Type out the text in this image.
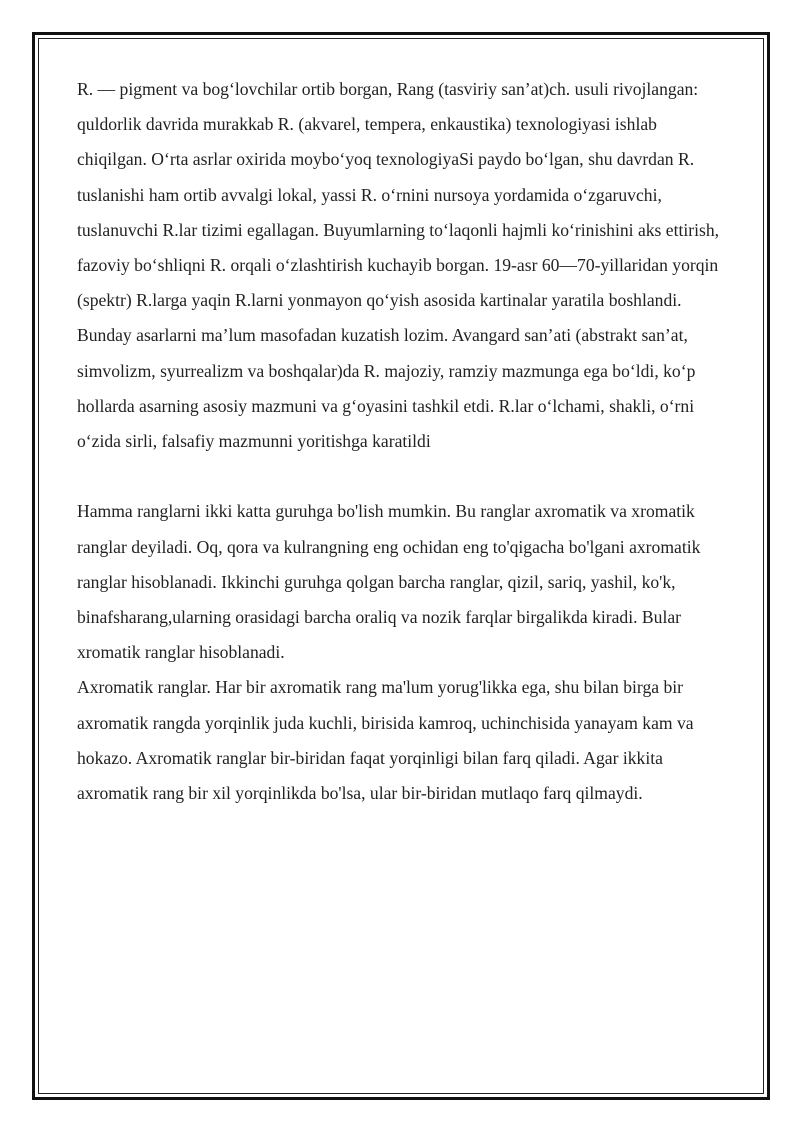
R. — pigment va bog‘lovchilar ortib borgan, Rang (tasviriy san’at)ch. usuli rivojlangan: quldorlik davrida murakkab R. (akvarel, tempera, enkaustika) texnologiyasi ishlab chiqilgan. O‘rta asrlar oxirida moybo‘yoq texnologiyaSi paydo bo‘lgan, shu davrdan R. tuslanishi ham ortib avvalgi lokal, yassi R. o‘rnini nursoya yordamida o‘zgaruvchi, tuslanuvchi R.lar tizimi egallagan. Buyumlarning to‘laqonli hajmli ko‘rinishini aks ettirish, fazoviy bo‘shliqni R. orqali o‘zlashtirish kuchayib borgan. 19-asr 60—70-yillaridan yorqin (spektr) R.larga yaqin R.larni yonmayon qo‘yish asosida kartinalar yaratila boshlandi. Bunday asarlarni ma’lum masofadan kuzatish lozim. Avangard san’ati (abstrakt san’at, simvolizm, syurrealizm va boshqalar)da R. majoziy, ramziy mazmunga ega bo‘ldi, ko‘p hollarda asarning asosiy mazmuni va g‘oyasini tashkil etdi. R.lar o‘lchami, shakli, o‘rni o‘zida sirli, falsafiy mazmunni yoritishga karatildi

Hamma ranglarni ikki katta guruhga bo'lish mumkin. Bu ranglar axromatik va xromatik ranglar deyiladi. Oq, qora va kulrangning eng ochidan eng to'qigacha bo'lgani axromatik ranglar hisoblanadi. Ikkinchi guruhga qolgan barcha ranglar, qizil, sariq, yashil, ko'k, binafsharang,ularning orasidagi barcha oraliq va nozik farqlar birgalikda kiradi. Bular xromatik ranglar hisoblanadi.

Axromatik ranglar. Har bir axromatik rang ma'lum yorug'likka ega, shu bilan birga bir axromatik rangda yorqinlik juda kuchli, birisida kamroq, uchinchisida yanayam kam va hokazo. Axromatik ranglar bir-biridan faqat yorqinligi bilan farq qiladi. Agar ikkita axromatik rang bir xil yorqinlikda bo'lsa, ular bir-biridan mutlaqo farq qilmaydi.
